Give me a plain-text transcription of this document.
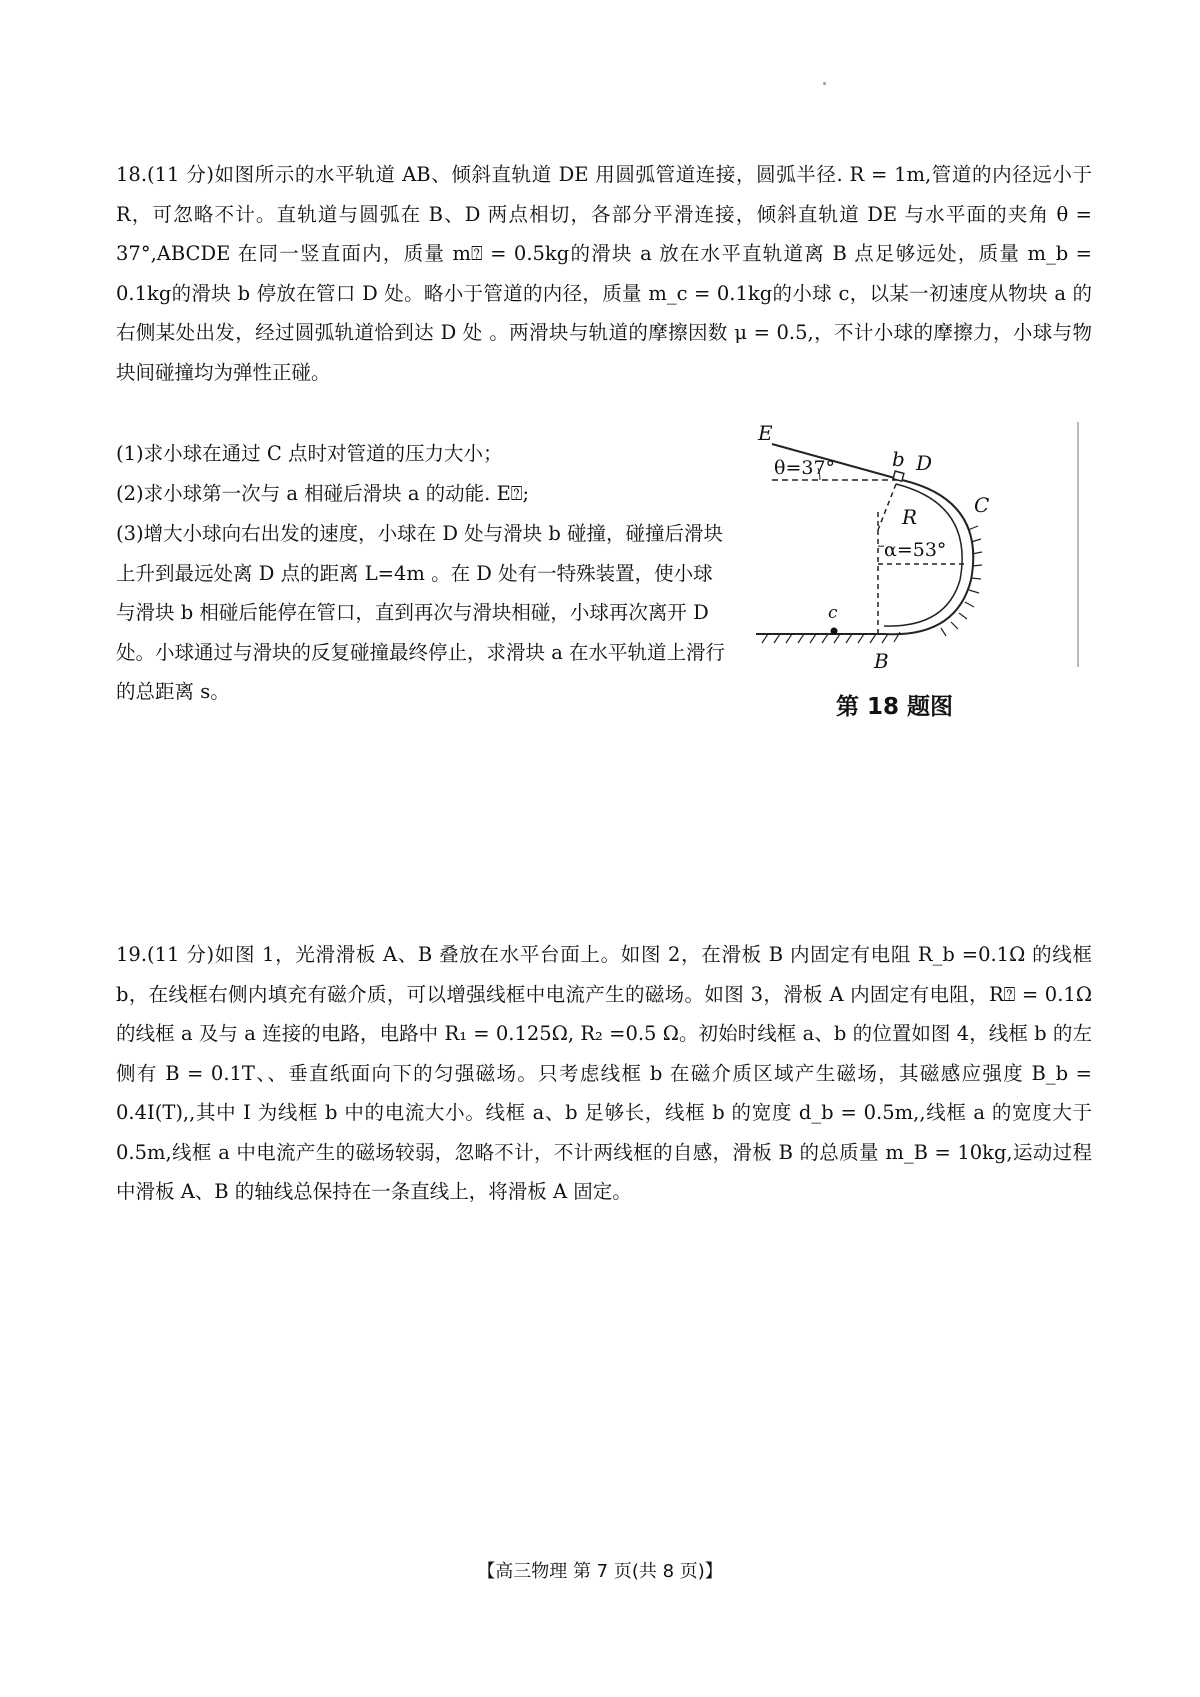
18.(11 分)如图所示的水平轨道 AB、倾斜直轨道 DE 用圆弧管道连接，圆弧半径. R = 1m,管道的内径远小于 R，可忽略不计。直轨道与圆弧在 B、D 两点相切，各部分平滑连接，倾斜直轨道 DE 与水平面的夹角 θ = 37°,ABCDE 在同一竖直面内，质量 m⍰ = 0.5kg的滑块 a 放在水平直轨道离 B 点足够远处，质量 m_b = 0.1kg的滑块 b 停放在管口 D 处。略小于管道的内径，质量 m_c = 0.1kg的小球 c，以某一初速度从物块 a 的右侧某处出发，经过圆弧轨道恰到达 D 处 。两滑块与轨道的摩擦因数 μ = 0.5,，不计小球的摩擦力，小球与物块间碰撞均为弹性正碰。
(1)求小球在通过 C 点时对管道的压力大小；
(2)求小球第一次与 a 相碰后滑块 a 的动能. E⍰;
(3)增大小球向右出发的速度，小球在 D 处与滑块 b 碰撞，碰撞后滑块上升到最远处离 D 点的距离 L=4m 。在 D 处有一特殊装置，使小球与滑块 b 相碰后能停在管口，直到再次与滑块相碰，小球再次离开 D 处。小球通过与滑块的反复碰撞最终停止，求滑块 a 在水平轨道上滑行的总距离 s。
E
θ=37°	b D
R
α=53°
C
c
B
第 18 题图
19.(11 分)如图 1，光滑滑板 A、B 叠放在水平台面上。如图 2，在滑板 B 内固定有电阻 R_b =0.1Ω 的线框 b，在线框右侧内填充有磁介质，可以增强线框中电流产生的磁场。如图 3，滑板 A 内固定有电阻，R⍰ = 0.1Ω的线框 a 及与 a 连接的电路，电路中 R₁ = 0.125Ω, R₂ =0.5 Ω。初始时线框 a、b 的位置如图 4，线框 b 的左侧有 B = 0.1T、、垂直纸面向下的匀强磁场。只考虑线框 b 在磁介质区域产生磁场，其磁感应强度 B_b = 0.4I(T),,其中 I 为线框 b 中的电流大小。线框 a、b 足够长，线框 b 的宽度 d_b = 0.5m,,线框 a 的宽度大于 0.5m,线框 a 中电流产生的磁场较弱，忽略不计，不计两线框的自感，滑板 B 的总质量 m_B = 10kg,运动过程中滑板 A、B 的轴线总保持在一条直线上，将滑板 A 固定。
【高三物理 第 7 页(共 8 页)】
